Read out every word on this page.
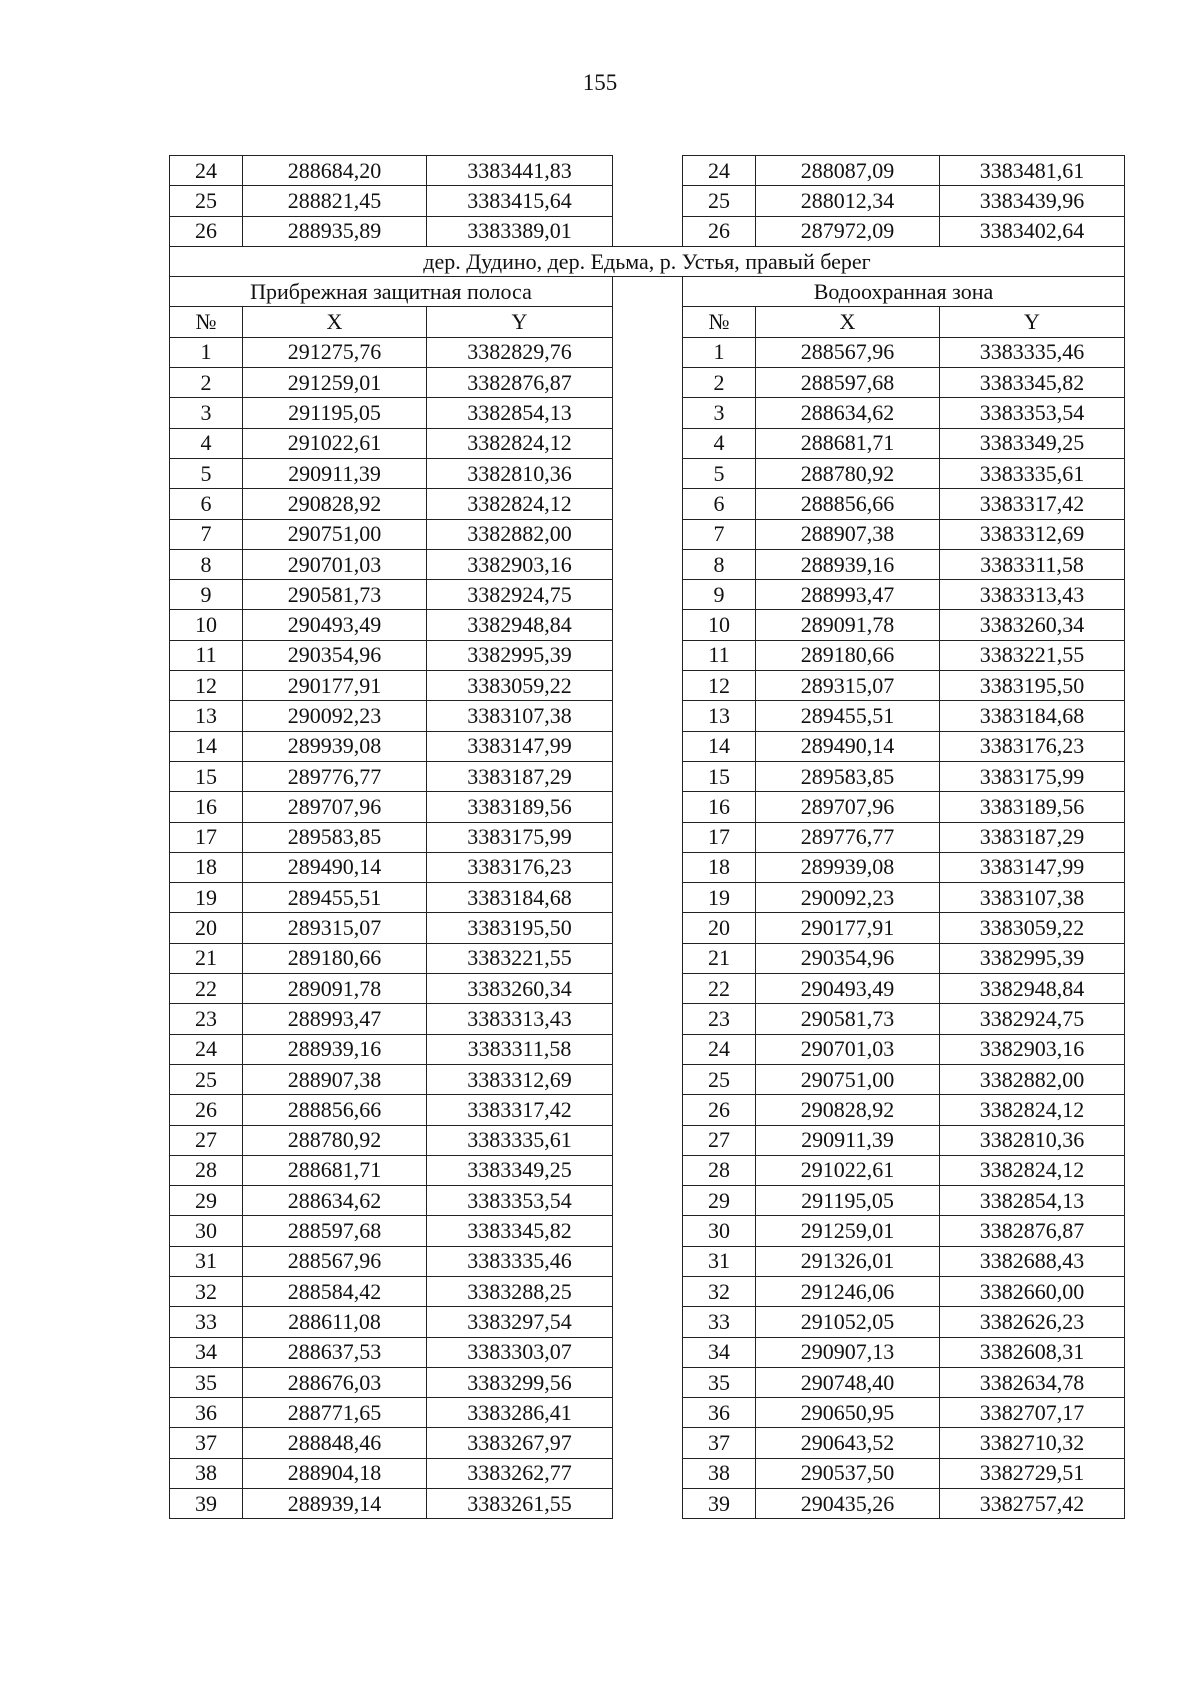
155
24	288684,20	3383441,83		24	288087,09	3383481,61
25	288821,45	3383415,64		25	288012,34	3383439,96
26	288935,89	3383389,01		26	287972,09	3383402,64
дер. Дудино, дер. Едьма, р. Устья, правый берег						
Прибрежная защитная полоса				Водоохранная зона		
№	X	Y		№	X	Y
1	291275,76	3382829,76		1	288567,96	3383335,46
2	291259,01	3382876,87		2	288597,68	3383345,82
3	291195,05	3382854,13		3	288634,62	3383353,54
4	291022,61	3382824,12		4	288681,71	3383349,25
5	290911,39	3382810,36		5	288780,92	3383335,61
6	290828,92	3382824,12		6	288856,66	3383317,42
7	290751,00	3382882,00		7	288907,38	3383312,69
8	290701,03	3382903,16		8	288939,16	3383311,58
9	290581,73	3382924,75		9	288993,47	3383313,43
10	290493,49	3382948,84		10	289091,78	3383260,34
11	290354,96	3382995,39		11	289180,66	3383221,55
12	290177,91	3383059,22		12	289315,07	3383195,50
13	290092,23	3383107,38		13	289455,51	3383184,68
14	289939,08	3383147,99		14	289490,14	3383176,23
15	289776,77	3383187,29		15	289583,85	3383175,99
16	289707,96	3383189,56		16	289707,96	3383189,56
17	289583,85	3383175,99		17	289776,77	3383187,29
18	289490,14	3383176,23		18	289939,08	3383147,99
19	289455,51	3383184,68		19	290092,23	3383107,38
20	289315,07	3383195,50		20	290177,91	3383059,22
21	289180,66	3383221,55		21	290354,96	3382995,39
22	289091,78	3383260,34		22	290493,49	3382948,84
23	288993,47	3383313,43		23	290581,73	3382924,75
24	288939,16	3383311,58		24	290701,03	3382903,16
25	288907,38	3383312,69		25	290751,00	3382882,00
26	288856,66	3383317,42		26	290828,92	3382824,12
27	288780,92	3383335,61		27	290911,39	3382810,36
28	288681,71	3383349,25		28	291022,61	3382824,12
29	288634,62	3383353,54		29	291195,05	3382854,13
30	288597,68	3383345,82		30	291259,01	3382876,87
31	288567,96	3383335,46		31	291326,01	3382688,43
32	288584,42	3383288,25		32	291246,06	3382660,00
33	288611,08	3383297,54		33	291052,05	3382626,23
34	288637,53	3383303,07		34	290907,13	3382608,31
35	288676,03	3383299,56		35	290748,40	3382634,78
36	288771,65	3383286,41		36	290650,95	3382707,17
37	288848,46	3383267,97		37	290643,52	3382710,32
38	288904,18	3383262,77		38	290537,50	3382729,51
39	288939,14	3383261,55		39	290435,26	3382757,42
